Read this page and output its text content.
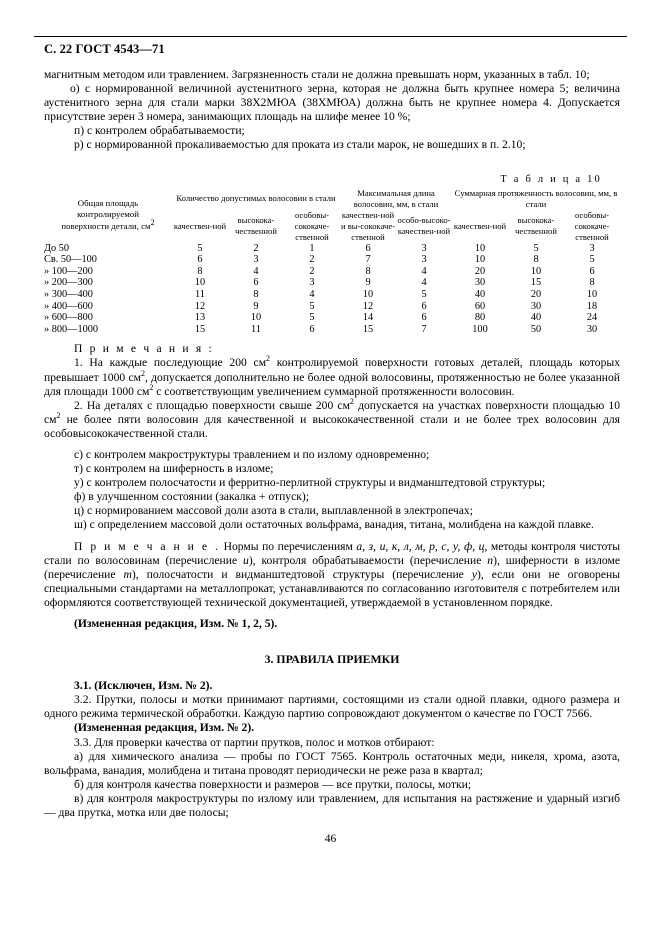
С. 22 ГОСТ 4543—71

магнитным методом или травлением. Загрязненность стали не должна превышать норм, указанных в табл. 10;

о) с нормированной величиной аустенитного зерна, которая не должна быть крупнее номера 5; величина аустенитного зерна для стали марки 38Х2МЮА (38ХМЮА) должна быть не крупнее номера 4. Допускается присутствие зерен 3 номера, занимающих площадь на шлифе менее 10 %;

п) с контролем обрабатываемости;

р) с нормированной прокаливаемостью для проката из стали марок, не вошедших в п. 2.10;

Т а б л и ц а 10
Общая площадь
контролируемой
поверхности детали, см2	Количество допустимых волосовин в стали			Максимальная длина волосовин, мм, в стали		Суммарная протяженность волосовин, мм, в стали		
	качествен-ной	высокока-чественной	особовы-сококаче-ственной	качествен-ной и вы-сококаче-ственной	особо-высоко-качествен-ной	качествен-ной	высокока-чественной	особовы-сококаче-ственной
До 50	5	2	1	6	3	10	5	3
Св. 50—100	6	3	2	7	3	10	8	5
» 100—200	8	4	2	8	4	20	10	6
» 200—300	10	6	3	9	4	30	15	8
» 300—400	11	8	4	10	5	40	20	10
» 400—600	12	9	5	12	6	60	30	18
» 600—800	13	10	5	14	6	80	40	24
» 800—1000	15	11	6	15	7	100	50	30

П р и м е ч а н и я :

1. На каждые последующие 200 $см^2$ контролируемой поверхности готовых деталей, площадь которых превышает 1000 $см^2$, допускается дополнительно не более одной волосовины, протяженностью не более указанной для площади 1000 $см^2$ с соответствующим увеличением суммарной протяженности волосовин.

2. На деталях с площадью поверхности свыше 200 $см^2$ допускается на участках поверхности площадью 10 $см^2$ не более пяти волосовин для качественной и высококачественной стали и не более трех волосовин для особовысококачественной стали.

с) с контролем макроструктуры травлением и по излому одновременно;

т) с контролем на шиферность в изломе;

у) с контролем полосчатости и ферритно-перлитной структуры и видманштедтовой структуры;

ф) в улучшенном состоянии (закалка + отпуск);

ц) с нормированием массовой доли азота в стали, выплавленной в электропечах;

ш) с определением массовой доли остаточных вольфрама, ванадия, титана, молибдена на каждой плавке.

П р и м е ч а н и е . Нормы по перечислениям а, з, и, к, л, м, р, с, у, ф, ц, методы контроля чистоты стали по волосовинам (перечисление и), контроля обрабатываемости (перечисление п), шиферности в изломе (перечисление т), полосчатости и видманштедтовой структуры (перечисление у), если они не оговорены специальными стандартами на металлопрокат, устанавливаются по согласованию изготовителя с потребителем или оформляются соответствующей технической документацией, утверждаемой в установленном порядке.

(Измененная редакция, Изм. № 1, 2, 5).

3. ПРАВИЛА ПРИЕМКИ

3.1. (Исключен, Изм. № 2).

3.2. Прутки, полосы и мотки принимают партиями, состоящими из стали одной плавки, одного размера и одного режима термической обработки. Каждую партию сопровождают документом о качестве по ГОСТ 7566.

(Измененная редакция, Изм. № 2).

3.3. Для проверки качества от партии прутков, полос и мотков отбирают:

а) для химического анализа — пробы по ГОСТ 7565. Контроль остаточных меди, никеля, хрома, азота, вольфрама, ванадия, молибдена и титана проводят периодически не реже раза в квартал;

б) для контроля качества поверхности и размеров — все прутки, полосы, мотки;

в) для контроля макроструктуры по излому или травлением, для испытания на растяжение и ударный изгиб — два прутка, мотка или две полосы;

46
